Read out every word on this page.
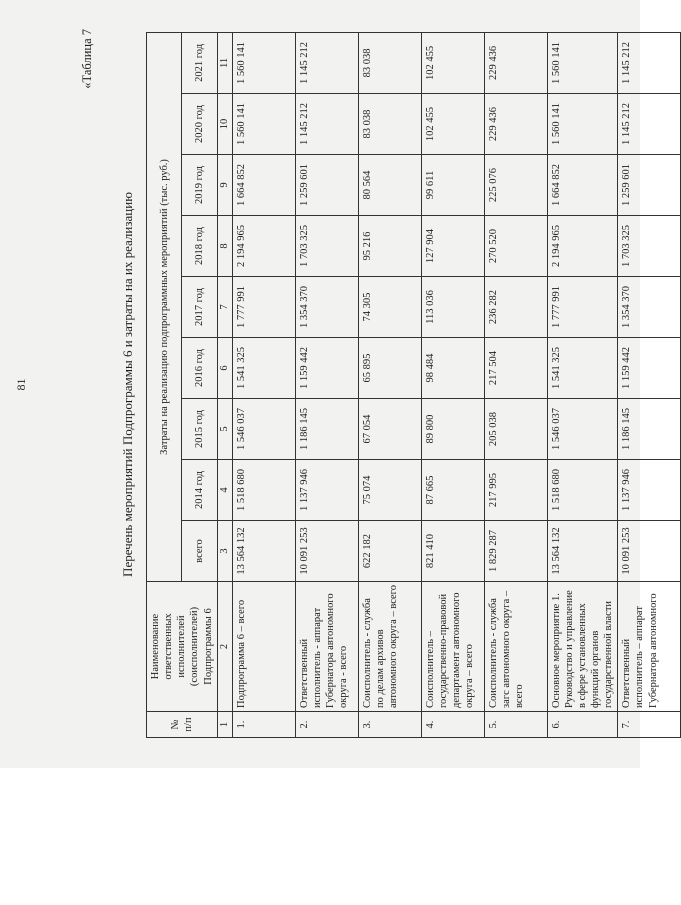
81
«Таблица 7
Перечень мероприятий Подпрограммы 6 и затраты на их реализацию
№ п/п	Наименование ответственных исполнителей (соисполнителей) Подпрограммы 6	Затраты на реализацию подпрограммных мероприятий (тыс. руб.)								
		всего	2014 год	2015 год	2016 год	2017 год	2018 год	2019 год	2020 год	2021 год
1	2	3	4	5	6	7	8	9	10	11
1.	Подпрограмма 6 – всего	13 564 132	1 518 680	1 546 037	1 541 325	1 777 991	2 194 965	1 664 852	1 560 141	1 560 141
2.	Ответственный исполнитель - аппарат Губернатора автономного округа - всего	10 091 253	1 137 946	1 186 145	1 159 442	1 354 370	1 703 325	1 259 601	1 145 212	1 145 212
3.	Соисполнитель - служба по делам архивов автономного округа – всего	622 182	75 074	67 054	65 895	74 305	95 216	80 564	83 038	83 038
4.	Соисполнитель – государственно-правовой департамент автономного округа – всего	821 410	87 665	89 800	98 484	113 036	127 904	99 611	102 455	102 455
5.	Соисполнитель - служба загс автономного округа – всего	1 829 287	217 995	205 038	217 504	236 282	270 520	225 076	229 436	229 436
6.	Основное мероприятие 1. Руководство и управление в сфере установленных функций органов государственной власти	13 564 132	1 518 680	1 546 037	1 541 325	1 777 991	2 194 965	1 664 852	1 560 141	1 560 141
7.	Ответственный исполнитель – аппарат Губернатора автономного	10 091 253	1 137 946	1 186 145	1 159 442	1 354 370	1 703 325	1 259 601	1 145 212	1 145 212
